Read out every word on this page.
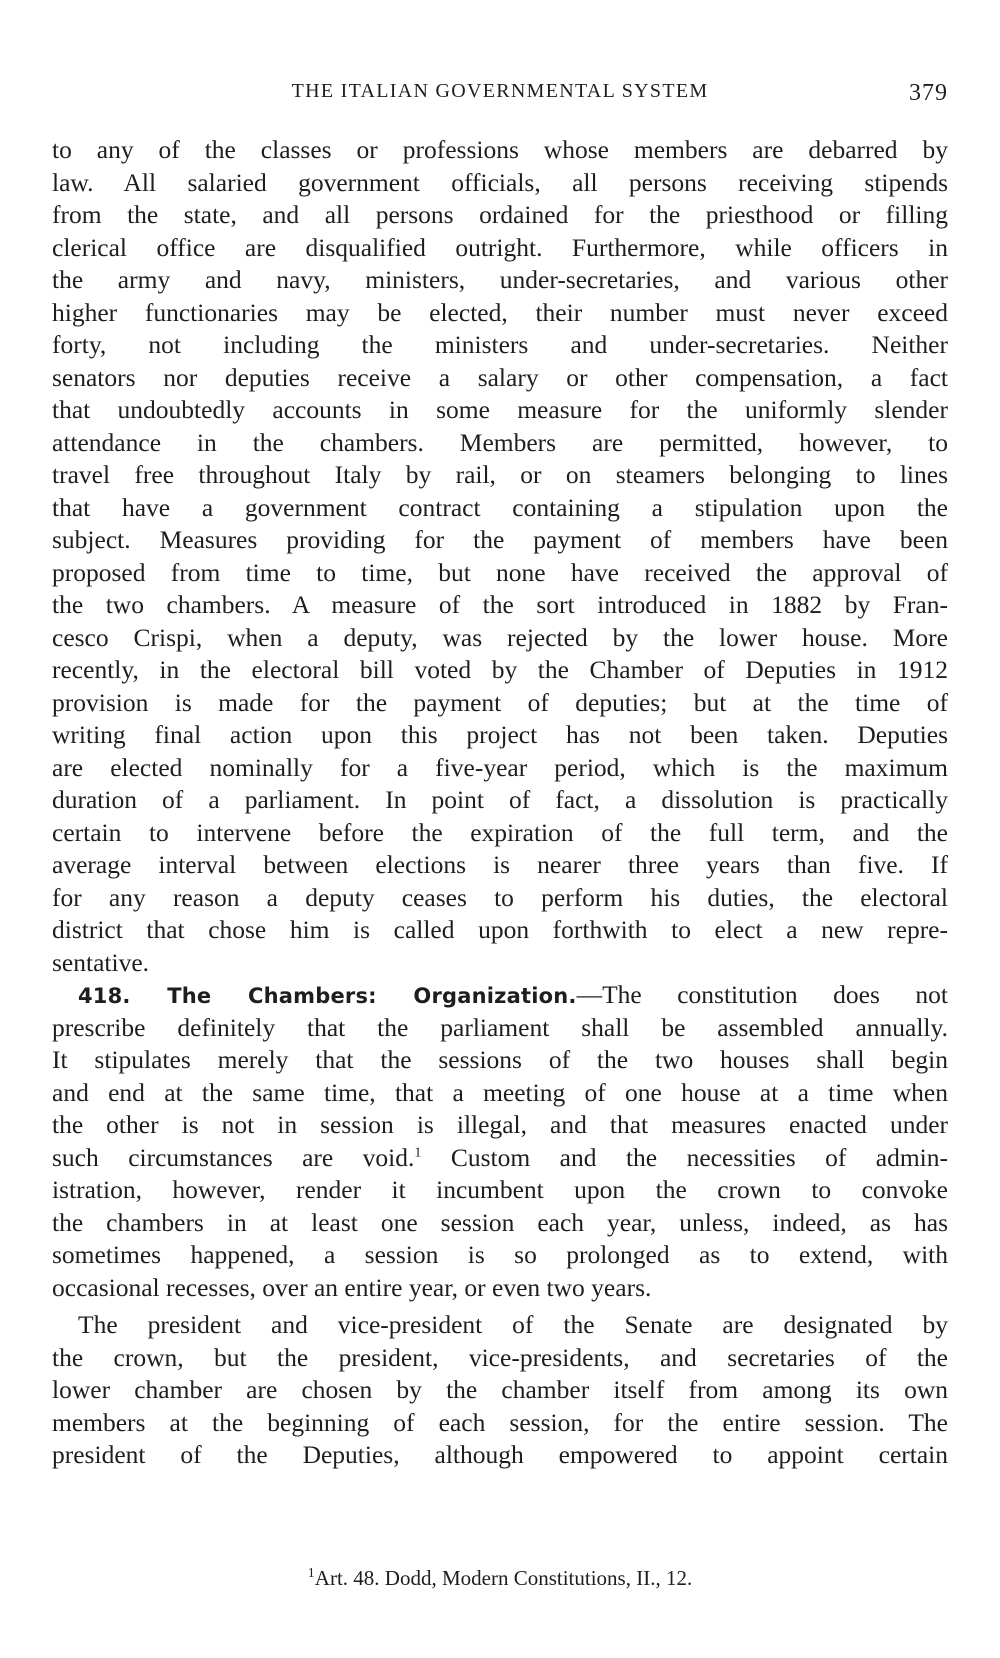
THE ITALIAN GOVERNMENTAL SYSTEM	379
to any of the classes or professions whose members are debarred by
law. All salaried government officials, all persons receiving stipends
from the state, and all persons ordained for the priesthood or filling
clerical office are disqualified outright. Furthermore, while officers in
the army and navy, ministers, under-secretaries, and various other
higher functionaries may be elected, their number must never exceed
forty, not including the ministers and under-secretaries. Neither
senators nor deputies receive a salary or other compensation, a fact
that undoubtedly accounts in some measure for the uniformly slender
attendance in the chambers. Members are permitted, however, to
travel free throughout Italy by rail, or on steamers belonging to lines
that have a government contract containing a stipulation upon the
subject. Measures providing for the payment of members have been
proposed from time to time, but none have received the approval of
the two chambers. A measure of the sort introduced in 1882 by Fran-
cesco Crispi, when a deputy, was rejected by the lower house. More
recently, in the electoral bill voted by the Chamber of Deputies in 1912
provision is made for the payment of deputies; but at the time of
writing final action upon this project has not been taken. Deputies
are elected nominally for a five-year period, which is the maximum
duration of a parliament. In point of fact, a dissolution is practically
certain to intervene before the expiration of the full term, and the
average interval between elections is nearer three years than five. If
for any reason a deputy ceases to perform his duties, the electoral
district that chose him is called upon forthwith to elect a new repre-
sentative.
418. The Chambers: Organization.—The constitution does not
prescribe definitely that the parliament shall be assembled annually.
It stipulates merely that the sessions of the two houses shall begin
and end at the same time, that a meeting of one house at a time when
the other is not in session is illegal, and that measures enacted under
such circumstances are void.$^1$ Custom and the necessities of admin-
istration, however, render it incumbent upon the crown to convoke
the chambers in at least one session each year, unless, indeed, as has
sometimes happened, a session is so prolonged as to extend, with
occasional recesses, over an entire year, or even two years.
The president and vice-president of the Senate are designated by
the crown, but the president, vice-presidents, and secretaries of the
lower chamber are chosen by the chamber itself from among its own
members at the beginning of each session, for the entire session. The
president of the Deputies, although empowered to appoint certain
$^1$Art. 48. Dodd, Modern Constitutions, II., 12.
